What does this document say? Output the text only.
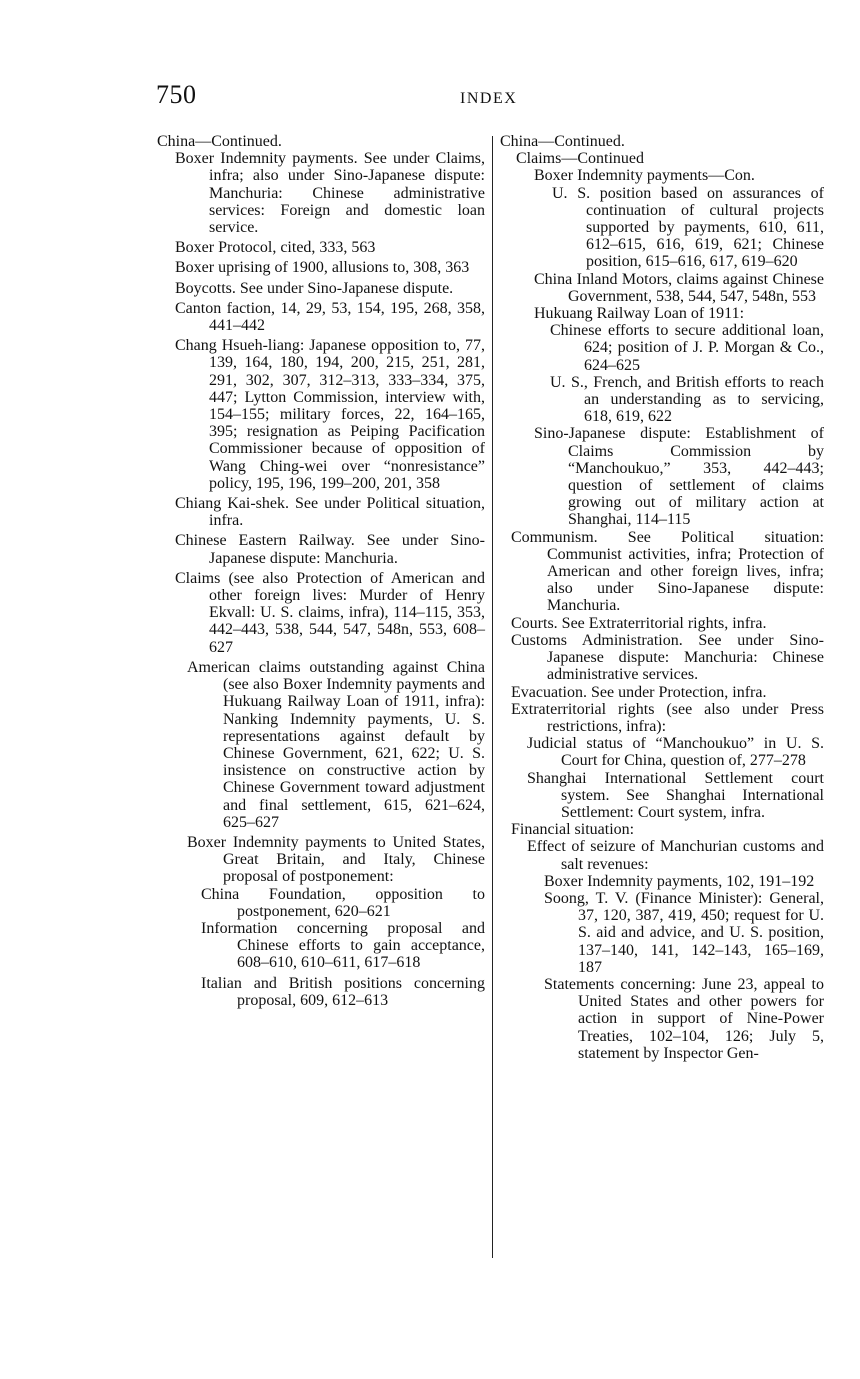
750	INDEX

China—Continued.

Boxer Indemnity payments. See under Claims, infra; also under Sino-Japanese dispute: Manchuria: Chinese administrative services: Foreign and domestic loan service.

Boxer Protocol, cited, 333, 563

Boxer uprising of 1900, allusions to, 308, 363

Boycotts. See under Sino-Japanese dispute.

Canton faction, 14, 29, 53, 154, 195, 268, 358, 441–442

Chang Hsueh-liang: Japanese opposition to, 77, 139, 164, 180, 194, 200, 215, 251, 281, 291, 302, 307, 312–313, 333–334, 375, 447; Lytton Commission, interview with, 154–155; military forces, 22, 164–165, 395; resignation as Peiping Pacification Commissioner because of opposition of Wang Ching-wei over “nonresistance” policy, 195, 196, 199–200, 201, 358

Chiang Kai-shek. See under Political situation, infra.

Chinese Eastern Railway. See under Sino-Japanese dispute: Manchuria.

Claims (see also Protection of American and other foreign lives: Murder of Henry Ekvall: U. S. claims, infra), 114–115, 353, 442–443, 538, 544, 547, 548n, 553, 608–627

American claims outstanding against China (see also Boxer Indemnity payments and Hukuang Railway Loan of 1911, infra): Nanking Indemnity payments, U. S. representations against default by Chinese Government, 621, 622; U. S. insistence on constructive action by Chinese Government toward adjustment and final settlement, 615, 621–624, 625–627

Boxer Indemnity payments to United States, Great Britain, and Italy, Chinese proposal of postponement:

China Foundation, opposition to postponement, 620–621

Information concerning proposal and Chinese efforts to gain acceptance, 608–610, 610–611, 617–618

Italian and British positions concerning proposal, 609, 612–613

China—Continued.

Claims—Continued

Boxer Indemnity payments—Con.

U. S. position based on assurances of continuation of cultural projects supported by payments, 610, 611, 612–615, 616, 619, 621; Chinese position, 615–616, 617, 619–620

China Inland Motors, claims against Chinese Government, 538, 544, 547, 548n, 553

Hukuang Railway Loan of 1911:

Chinese efforts to secure additional loan, 624; position of J. P. Morgan & Co., 624–625

U. S., French, and British efforts to reach an understanding as to servicing, 618, 619, 622

Sino-Japanese dispute: Establishment of Claims Commission by “Manchoukuo,” 353, 442–443; question of settlement of claims growing out of military action at Shanghai, 114–115

Communism. See Political situation: Communist activities, infra; Protection of American and other foreign lives, infra; also under Sino-Japanese dispute: Manchuria.

Courts. See Extraterritorial rights, infra.

Customs Administration. See under Sino-Japanese dispute: Manchuria: Chinese administrative services.

Evacuation. See under Protection, infra.

Extraterritorial rights (see also under Press restrictions, infra):

Judicial status of “Manchoukuo” in U. S. Court for China, question of, 277–278

Shanghai International Settlement court system. See Shanghai International Settlement: Court system, infra.

Financial situation:

Effect of seizure of Manchurian customs and salt revenues:

Boxer Indemnity payments, 102, 191–192

Soong, T. V. (Finance Minister): General, 37, 120, 387, 419, 450; request for U. S. aid and advice, and U. S. position, 137–140, 141, 142–143, 165–169, 187

Statements concerning: June 23, appeal to United States and other powers for action in support of Nine-Power Treaties, 102–104, 126; July 5, statement by Inspector Gen-
